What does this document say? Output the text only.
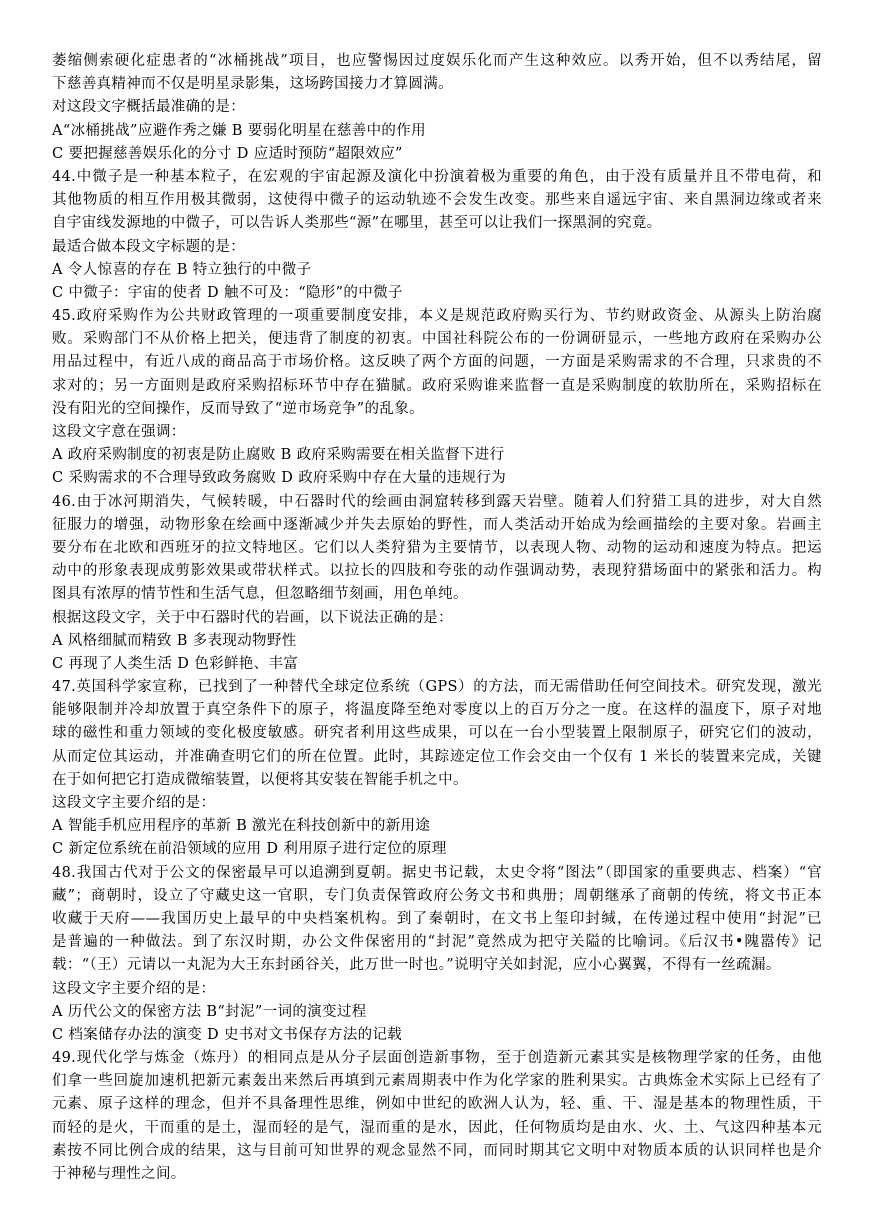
萎缩侧索硬化症患者的“冰桶挑战”项目，也应警惕因过度娱乐化而产生这种效应。以秀开始，但不以秀结尾，留
下慈善真精神而不仅是明星录影集，这场跨国接力才算圆满。
对这段文字概括最准确的是：
A“冰桶挑战”应避作秀之嫌 B 要弱化明星在慈善中的作用
C 要把握慈善娱乐化的分寸 D 应适时预防“超限效应”
44.中微子是一种基本粒子，在宏观的宇宙起源及演化中扮演着极为重要的角色，由于没有质量并且不带电荷，和
其他物质的相互作用极其微弱，这使得中微子的运动轨迹不会发生改变。那些来自遥远宇宙、来自黑洞边缘或者来
自宇宙线发源地的中微子，可以告诉人类那些“源”在哪里，甚至可以让我们一探黑洞的究竟。
最适合做本段文字标题的是：
A 令人惊喜的存在 B 特立独行的中微子
C 中微子：宇宙的使者 D 触不可及：“隐形”的中微子
45.政府采购作为公共财政管理的一项重要制度安排，本义是规范政府购买行为、节约财政资金、从源头上防治腐
败。采购部门不从价格上把关，便违背了制度的初衷。中国社科院公布的一份调研显示，一些地方政府在采购办公
用品过程中，有近八成的商品高于市场价格。这反映了两个方面的问题，一方面是采购需求的不合理，只求贵的不
求对的；另一方面则是政府采购招标环节中存在猫腻。政府采购谁来监督一直是采购制度的软肋所在，采购招标在
没有阳光的空间操作，反而导致了“逆市场竞争”的乱象。
这段文字意在强调：
A 政府采购制度的初衷是防止腐败 B 政府采购需要在相关监督下进行
C 采购需求的不合理导致政务腐败 D 政府采购中存在大量的违规行为
46.由于冰河期消失，气候转暖，中石器时代的绘画由洞窟转移到露天岩壁。随着人们狩猎工具的进步，对大自然
征服力的增强，动物形象在绘画中逐渐减少并失去原始的野性，而人类活动开始成为绘画描绘的主要对象。岩画主
要分布在北欧和西班牙的拉文特地区。它们以人类狩猎为主要情节，以表现人物、动物的运动和速度为特点。把运
动中的形象表现成剪影效果或带状样式。以拉长的四肢和夸张的动作强调动势，表现狩猎场面中的紧张和活力。构
图具有浓厚的情节性和生活气息，但忽略细节刻画，用色单纯。
根据这段文字，关于中石器时代的岩画，以下说法正确的是：
A 风格细腻而精致 B 多表现动物野性
C 再现了人类生活 D 色彩鲜艳、丰富
47.英国科学家宣称，已找到了一种替代全球定位系统（GPS）的方法，而无需借助任何空间技术。研究发现，激光
能够限制并冷却放置于真空条件下的原子，将温度降至绝对零度以上的百万分之一度。在这样的温度下，原子对地
球的磁性和重力领域的变化极度敏感。研究者利用这些成果，可以在一台小型装置上限制原子，研究它们的波动，
从而定位其运动，并准确查明它们的所在位置。此时，其踪迹定位工作会交由一个仅有 1 米长的装置来完成，关键
在于如何把它打造成微缩装置，以便将其安装在智能手机之中。
这段文字主要介绍的是：
A 智能手机应用程序的革新 B 激光在科技创新中的新用途
C 新定位系统在前沿领域的应用 D 利用原子进行定位的原理
48.我国古代对于公文的保密最早可以追溯到夏朝。据史书记载，太史令将“图法”（即国家的重要典志、档案）“官
藏”；商朝时，设立了守藏史这一官职，专门负责保管政府公务文书和典册；周朝继承了商朝的传统，将文书正本
收藏于天府——我国历史上最早的中央档案机构。到了秦朝时，在文书上玺印封缄，在传递过程中使用“封泥”已
是普遍的一种做法。到了东汉时期，办公文件保密用的“封泥”竟然成为把守关隘的比喻词。《后汉书•隗嚣传》记
载：“（王）元请以一丸泥为大王东封函谷关，此万世一时也。”说明守关如封泥，应小心翼翼，不得有一丝疏漏。
这段文字主要介绍的是：
A 历代公文的保密方法 B“封泥”一词的演变过程
C 档案储存办法的演变 D 史书对文书保存方法的记载
49.现代化学与炼金（炼丹）的相同点是从分子层面创造新事物，至于创造新元素其实是核物理学家的任务，由他
们拿一些回旋加速机把新元素轰出来然后再填到元素周期表中作为化学家的胜利果实。古典炼金术实际上已经有了
元素、原子这样的理念，但并不具备理性思维，例如中世纪的欧洲人认为，轻、重、干、湿是基本的物理性质，干
而轻的是火，干而重的是土，湿而轻的是气，湿而重的是水，因此，任何物质均是由水、火、土、气这四种基本元
素按不同比例合成的结果，这与目前可知世界的观念显然不同，而同时期其它文明中对物质本质的认识同样也是介
于神秘与理性之间。
